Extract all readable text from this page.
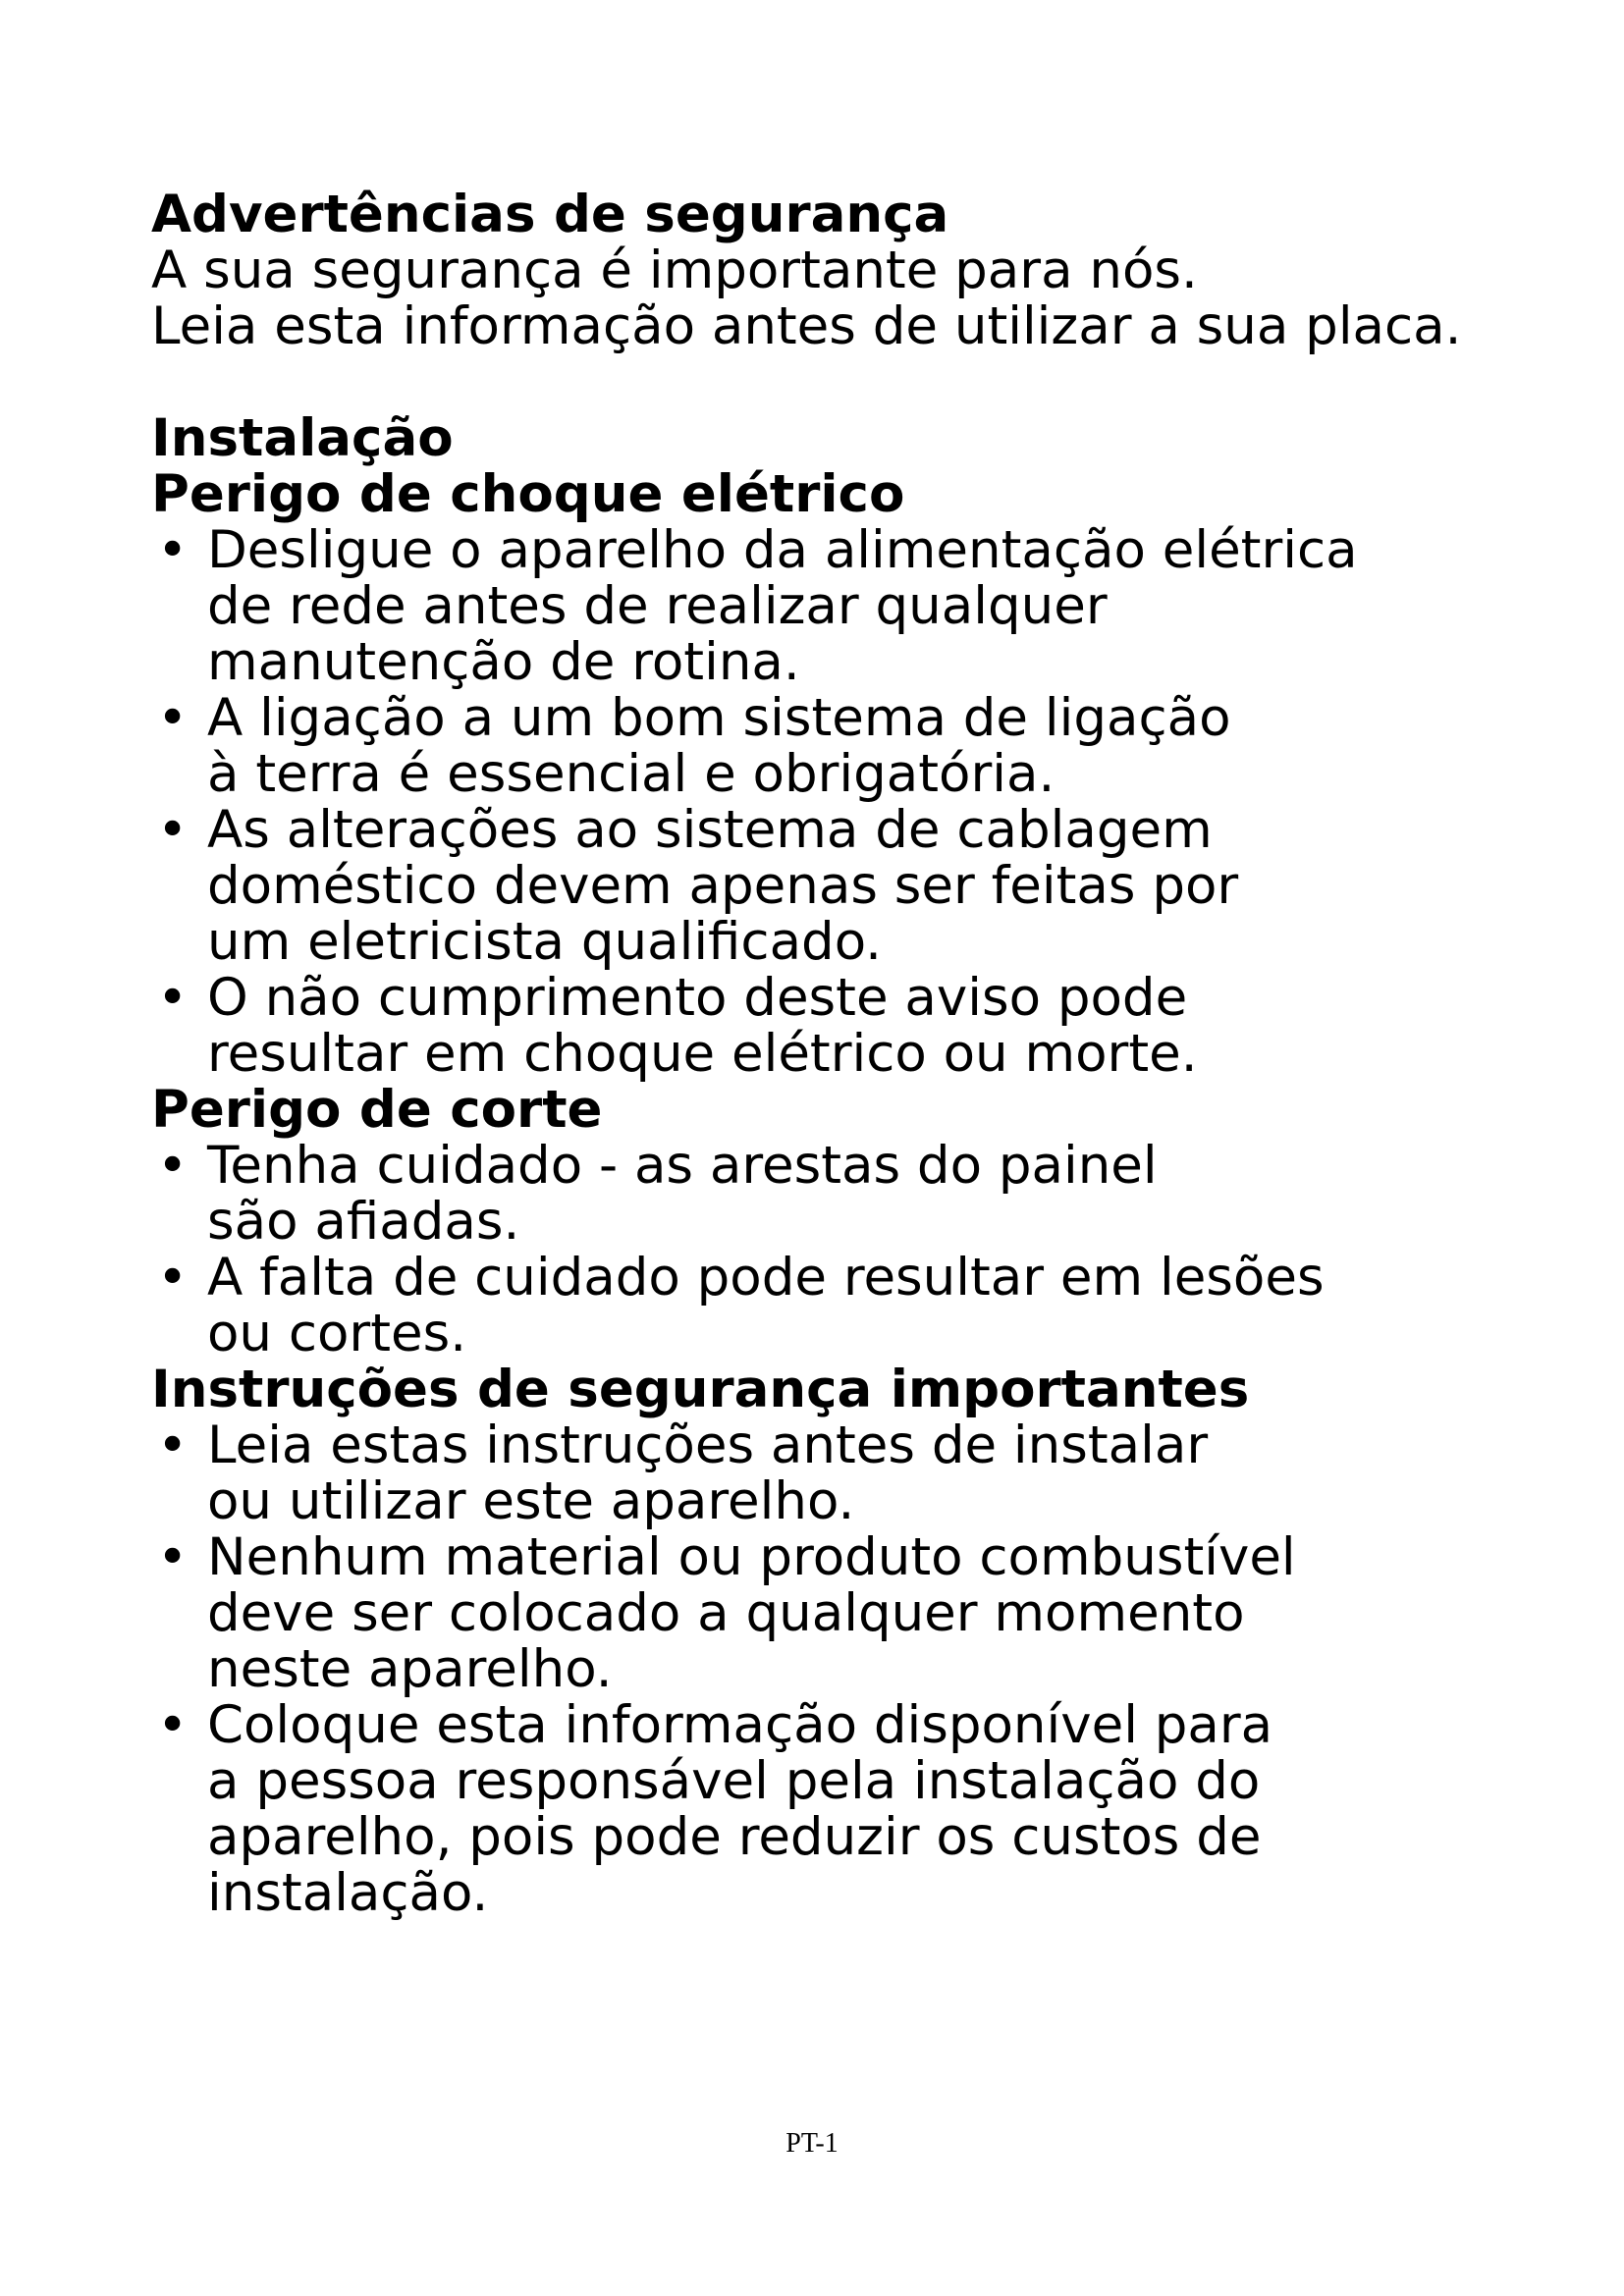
Advertências de segurança

A sua segurança é importante para nós.

Leia esta informação antes de utilizar a sua placa.

Instalação

Perigo de choque elétrico

• Desligue o aparelho da alimentação elétrica
de rede antes de realizar qualquer
manutenção de rotina.
• A ligação a um bom sistema de ligação
à terra é essencial e obrigatória.
• As alterações ao sistema de cablagem
doméstico devem apenas ser feitas por
um eletricista qualificado.
• O não cumprimento deste aviso pode
resultar em choque elétrico ou morte.

Perigo de corte

• Tenha cuidado - as arestas do painel
são afiadas.
• A falta de cuidado pode resultar em lesões
ou cortes.

Instruções de segurança importantes

• Leia estas instruções antes de instalar
ou utilizar este aparelho.
• Nenhum material ou produto combustível
deve ser colocado a qualquer momento
neste aparelho.
• Coloque esta informação disponível para
a pessoa responsável pela instalação do
aparelho, pois pode reduzir os custos de
instalação.
PT-1
